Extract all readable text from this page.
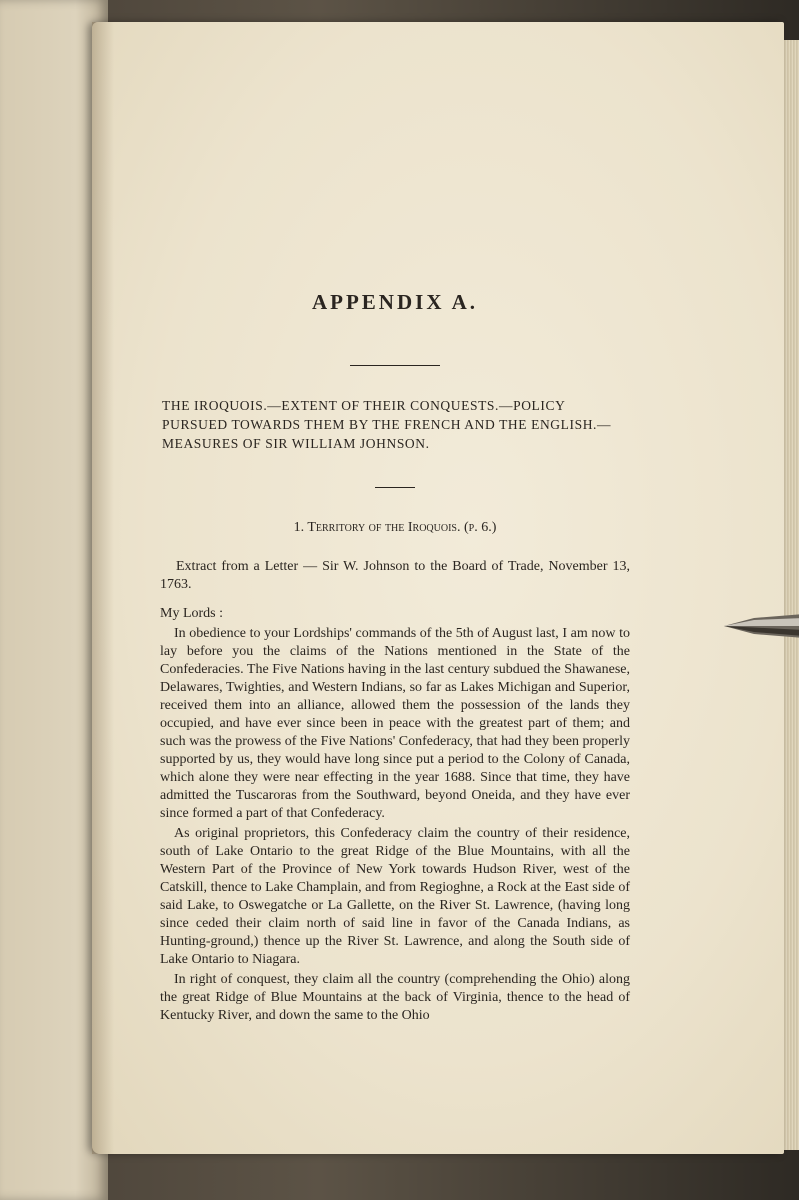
APPENDIX A.

THE IROQUOIS.—EXTENT OF THEIR CONQUESTS.—POLICY PURSUED TOWARDS THEM BY THE FRENCH AND THE ENGLISH.—MEASURES OF SIR WILLIAM JOHNSON.

1. Territory of the Iroquois. (p. 6.)

Extract from a Letter — Sir W. Johnson to the Board of Trade, November 13, 1763.

My Lords :

In obedience to your Lordships' commands of the 5th of August last, I am now to lay before you the claims of the Nations mentioned in the State of the Confederacies. The Five Nations having in the last century subdued the Shawanese, Delawares, Twighties, and Western Indians, so far as Lakes Michigan and Superior, received them into an alliance, allowed them the possession of the lands they occupied, and have ever since been in peace with the greatest part of them; and such was the prowess of the Five Nations' Confederacy, that had they been properly supported by us, they would have long since put a period to the Colony of Canada, which alone they were near effecting in the year 1688. Since that time, they have admitted the Tuscaroras from the Southward, beyond Oneida, and they have ever since formed a part of that Confederacy.

As original proprietors, this Confederacy claim the country of their residence, south of Lake Ontario to the great Ridge of the Blue Mountains, with all the Western Part of the Province of New York towards Hudson River, west of the Catskill, thence to Lake Champlain, and from Regioghne, a Rock at the East side of said Lake, to Oswegatche or La Gallette, on the River St. Lawrence, (having long since ceded their claim north of said line in favor of the Canada Indians, as Hunting-ground,) thence up the River St. Lawrence, and along the South side of Lake Ontario to Niagara.

In right of conquest, they claim all the country (comprehending the Ohio) along the great Ridge of Blue Mountains at the back of Virginia, thence to the head of Kentucky River, and down the same to the Ohio
